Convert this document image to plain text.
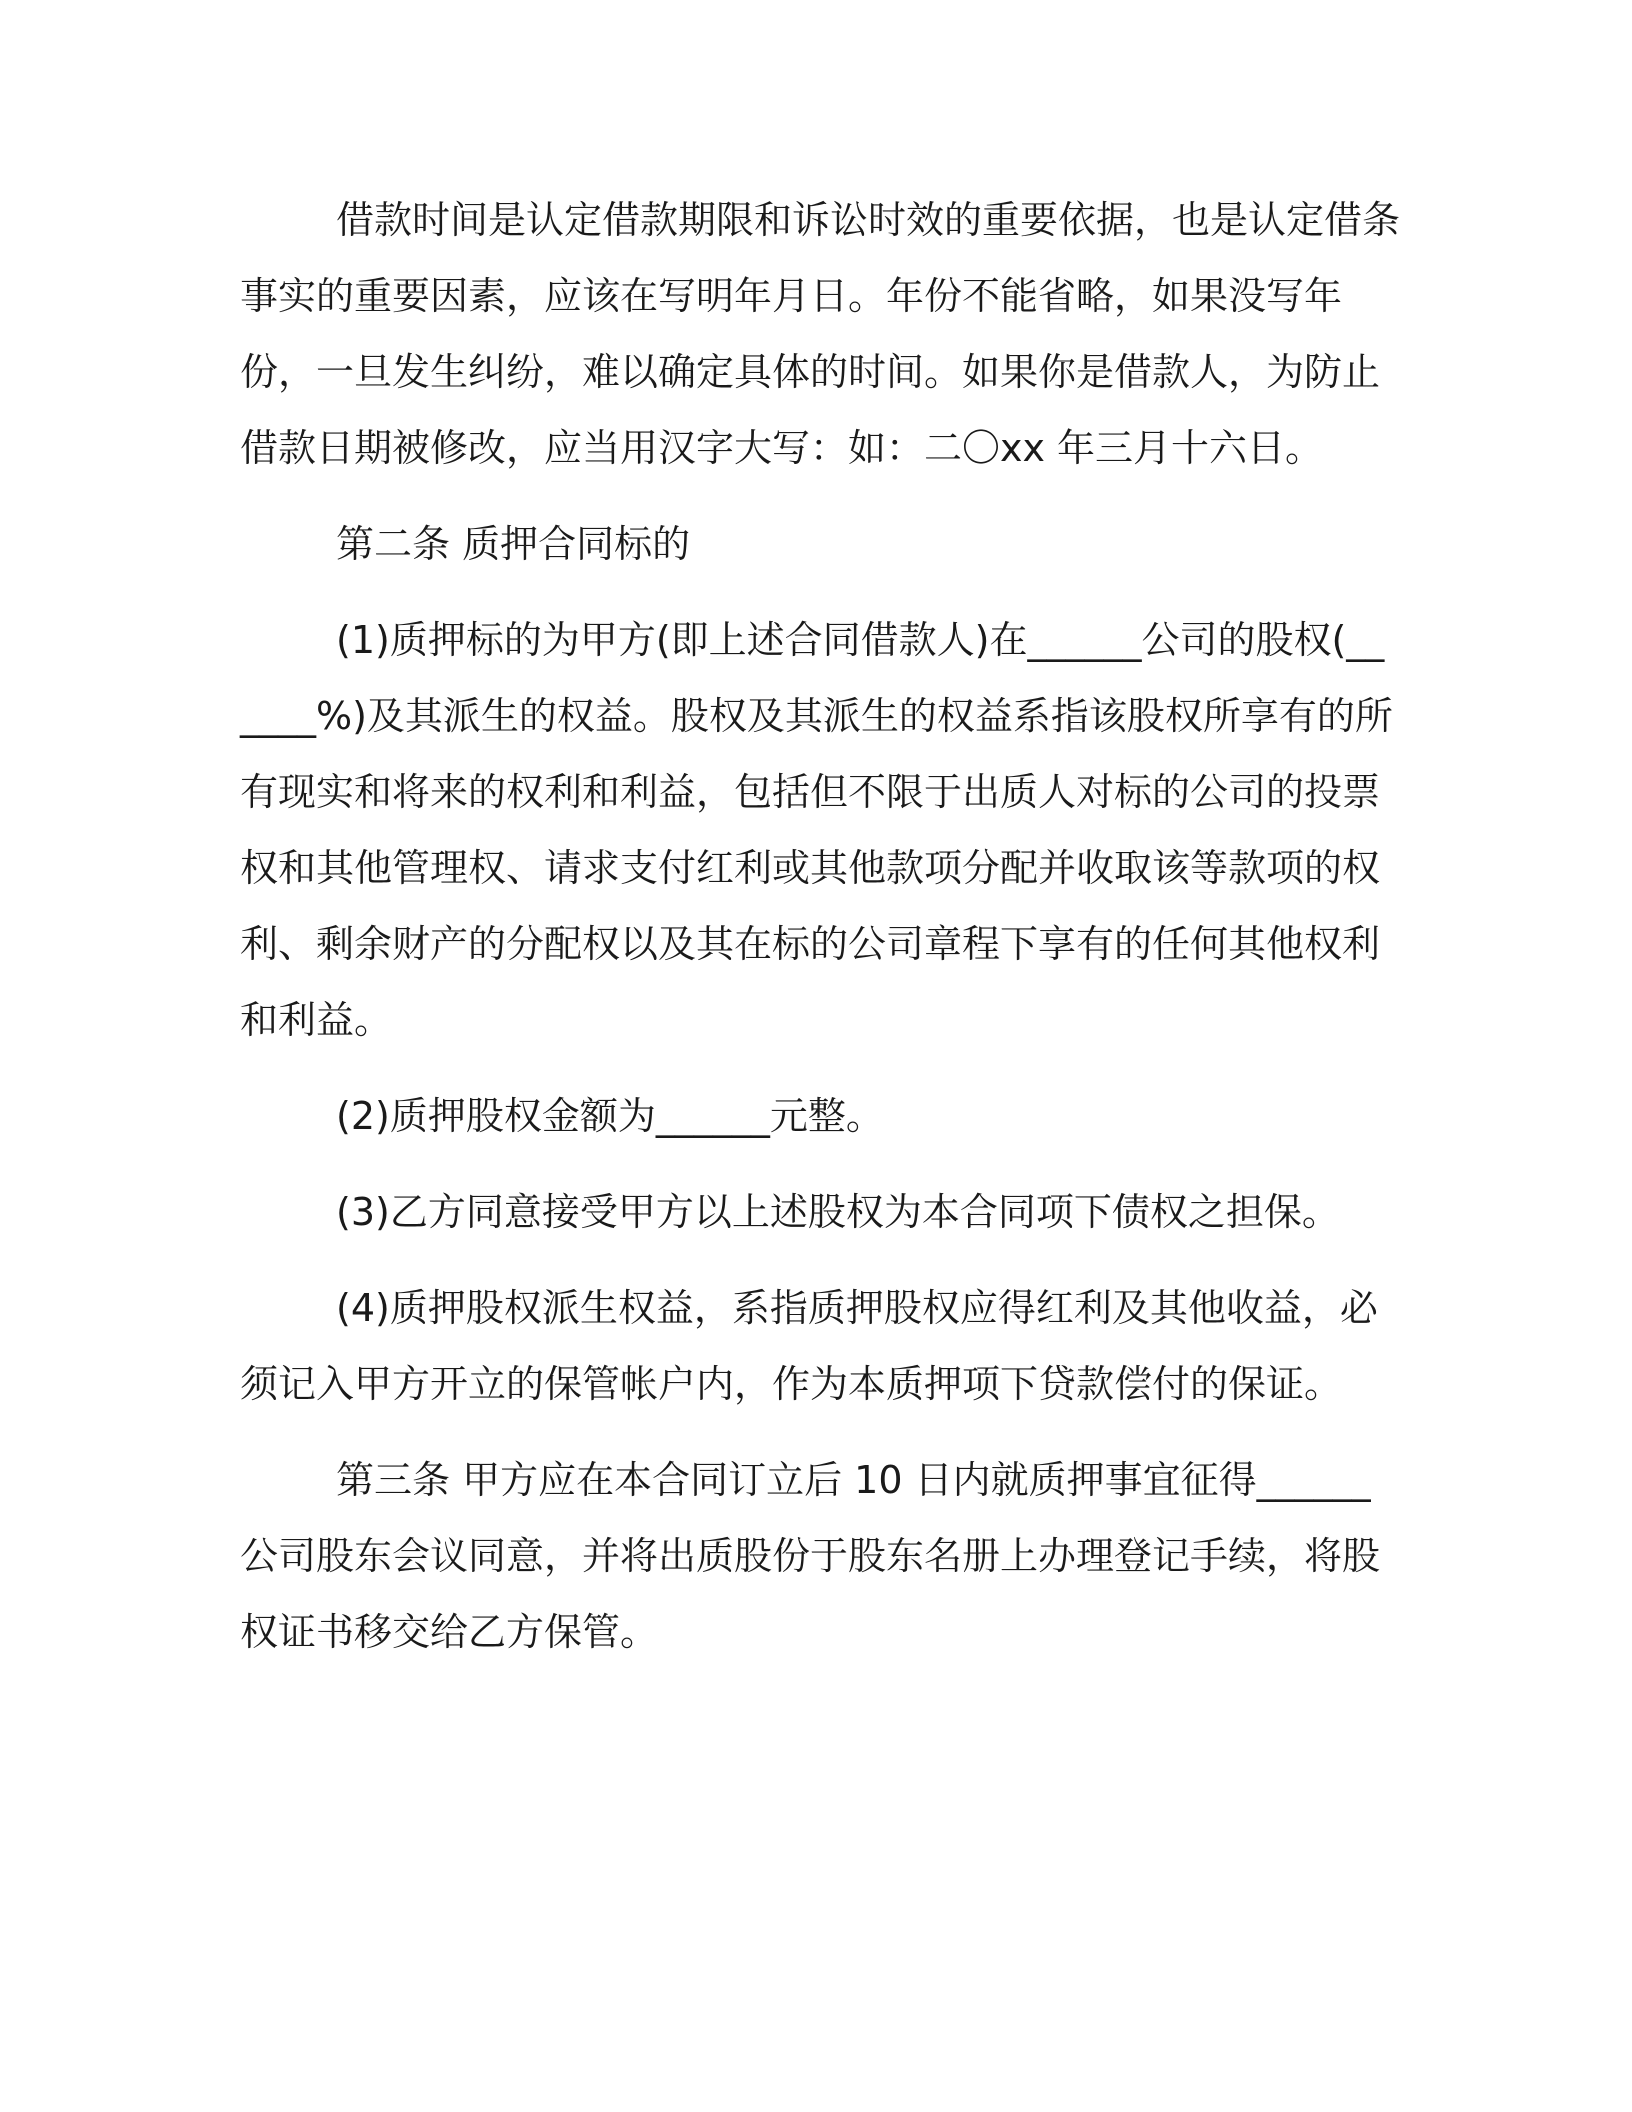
借款时间是认定借款期限和诉讼时效的重要依据，也是认定借条事实的重要因素，应该在写明年月日。年份不能省略，如果没写年份，一旦发生纠纷，难以确定具体的时间。如果你是借款人，为防止借款日期被修改，应当用汉字大写：如：二〇xx 年三月十六日。

第二条 质押合同标的

(1)质押标的为甲方(即上述合同借款人)在______公司的股权(______%)及其派生的权益。股权及其派生的权益系指该股权所享有的所有现实和将来的权利和利益，包括但不限于出质人对标的公司的投票权和其他管理权、请求支付红利或其他款项分配并收取该等款项的权利、剩余财产的分配权以及其在标的公司章程下享有的任何其他权利和利益。

(2)质押股权金额为______元整。

(3)乙方同意接受甲方以上述股权为本合同项下债权之担保。

(4)质押股权派生权益，系指质押股权应得红利及其他收益，必须记入甲方开立的保管帐户内，作为本质押项下贷款偿付的保证。

第三条 甲方应在本合同订立后 10 日内就质押事宜征得______公司股东会议同意，并将出质股份于股东名册上办理登记手续，将股权证书移交给乙方保管。
